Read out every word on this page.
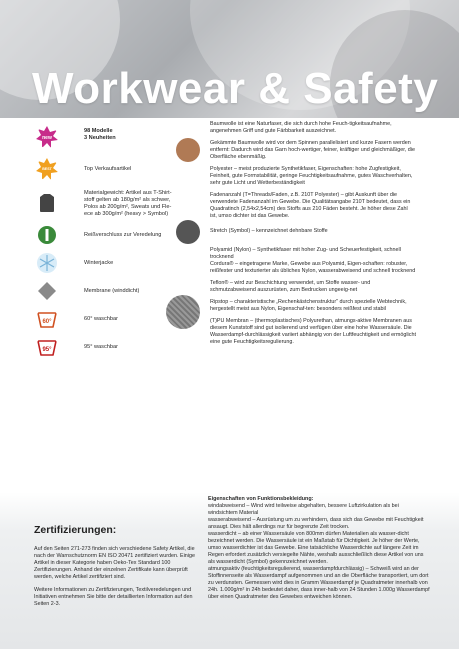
Workwear & Safety
new
98 Modelle
3 Neuheiten
BEST	Top Verkaufsartikel
Materialgewicht: Artikel aus T-Shirt-
stoff gelten ab 180g/m² als schwer,
Polos ab 200g/m², Sweats und Fle-
ece ab 300g/m² (heavy > Symbol)
Reißverschluss zur Veredelung
Winterjacke
Membrane (winddicht)
60°	60° waschbar
95°	95° waschbar

Baumwolle ist eine Naturfaser, die sich durch hohe Feuch-tigkeitsaufnahme, angenehmen Griff und gute Färbbarkeit auszeichnet.

Gekämmte Baumwolle wird vor dem Spinnen parallelisiert und kurze Fasern werden entfernt: Dadurch wird das Garn hoch-wertiger, feiner, kräftiger und gleichmäßiger, die Oberfläche ebenmäßig.

Polyester – meist produzierte Synthetikfaser, Eigenschaften: hohe Zugfestigkeit, Feinheit, gute Formstabilität, geringe Feuchtigkeitsaufnahme, gutes Waschverhalten, sehr gute Licht und Wetterbeständigkeit

Fadenanzahl (T=Threads/Faden, z.B. 210T Polyester) – gibt Auskunft über die verwendete Fadenanzahl im Gewebe. Die Qualitätsangabe 210T bedeutet, dass ein Quadratinch (2,54x2,54cm) des Stoffs aus 210 Fäden besteht. Je höher diese Zahl ist, umso dichter ist das Gewebe.

Stretch (Symbol) – kennzeichnet dehnbare Stoffe

Polyamid (Nylon) – Synthetikfaser mit hoher Zug- und Scheuerfestigkeit, schnell trocknend

Cordura® – eingetragene Marke, Gewebe aus Polyamid, Eigen-schaften: robuster, reißfester und texturierter als übliches Nylon, wasserabweisend und schnell trocknend

Teflon® – wird zur Beschichtung verwendet, um Stoffe wasser- und schmutzabweisend auszurüsten, zum Bedrucken ungeeig-net

Ripstop – charakteristische „Rechenkästchenstruktur" durch spezielle Webtechnik, hergestellt meist aus Nylon, Eigenschaf-ten: besonders reißfest und stabil

(T)PU Membran – (thermoplastisches) Polyurethan, atmungs-aktive Membranen aus diesem Kunststoff sind gut isolierend und verfügen über eine hohe Wassersäule. Die Wasserdampf-durchlässigkeit variiert abhängig von der Luftfeuchtigkeit und ermöglicht eine gute Feuchtigkeitsregulierung.

Zertifizierungen:

Auf den Seiten 271-273 finden sich verschiedene Safety Artikel, die nach der Warnschutznorm EN ISO 20471 zertifiziert wurden. Einige Artikel in dieser Kategorie haben Oeko-Tex Standard 100 Zertifizierungen. Anhand der einzelnen Zertifikate kann überprüft werden, welche Artikel zertifiziert sind.

Weitere Informationen zu Zertifizierungen, Textilveredelungen und Initiativen entnehmen Sie bitte der detaillierten Information auf den Seiten 2-3.

Eigenschaften von Funktionsbekleidung:

windabweisend – Wind wird teilweise abgehalten, bessere Luftzirkulation als bei windsichtem Material

wasserabweisend – Ausrüstung um zu verhindern, dass sich das Gewebe mit Feuchtigkeit ansaugt. Dies hält allerdings nur für begrenzte Zeit trocken.

wasserdicht – ab einer Wassersäule von 800mm dürfen Materialien als wasser-dicht bezeichnet werden. Die Wassersäule ist ein Maßstab für Dichtigkeit. Je höher der Werte, umso wasserdichter ist das Gewebe. Eine tatsächliche Wasserdichte auf längere Zeit im Regen erfordert zusätzlich versiegelte Nähte, weshalb ausschließlich diese Artikel von uns als wasserdicht (Symbol) gekennzeichnet werden.

atmungsaktiv (feuchtigkeitsregulierend, wasserdampfdurchlässig) – Schweiß wird an der Stoffinnenseite als Wasserdampf aufgenommen und an die Oberfläche transportiert, um dort zu verdunsten. Gemessen wird dies in Gramm Wasserdampf je Quadratmeter innerhalb von 24h. 1.000g/m² in 24h bedeutet daher, dass inner-halb von 24 Stunden 1.000g Wasserdampf über einen Quadratmeter des Gewebes entweichen können.
